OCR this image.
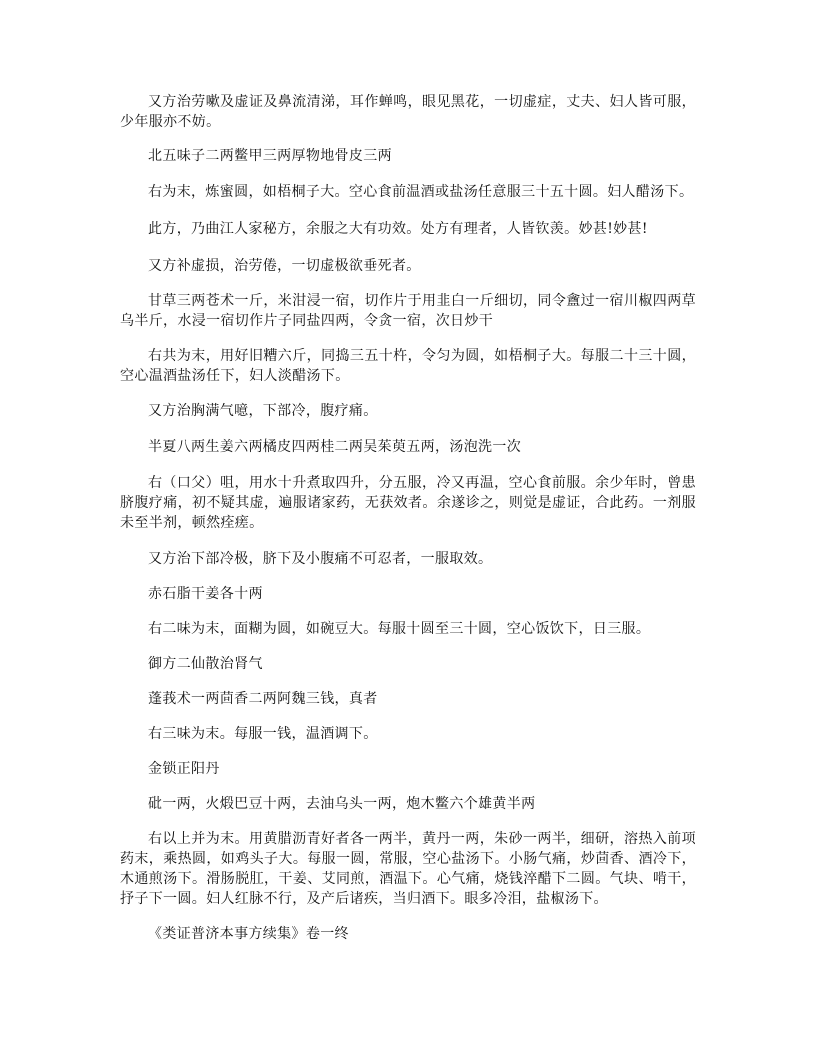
又方治劳嗽及虚证及鼻流清涕，耳作蝉鸣，眼见黑花，一切虚症，丈夫、妇人皆可服，少年服亦不妨。

北五味子二两鳖甲三两厚物地骨皮三两

右为末，炼蜜圆，如梧桐子大。空心食前温酒或盐汤任意服三十五十圆。妇人醋汤下。

此方，乃曲江人家秘方，余服之大有功效。处方有理者，人皆钦羡。妙甚!妙甚!

又方补虚损，治劳倦，一切虚极欲垂死者。

甘草三两苍术一斤，米泔浸一宿，切作片于用韭白一斤细切，同令盦过一宿川椒四两草乌半斤，水浸一宿切作片子同盐四两，令贪一宿，次日炒干

右共为末，用好旧糟六斤，同捣三五十杵，令匀为圆，如梧桐子大。每服二十三十圆，空心温酒盐汤任下，妇人淡醋汤下。

又方治胸满气噫，下部冷，腹疗痛。

半夏八两生姜六两橘皮四两桂二两吴茱萸五两，汤泡洗一次

右（口父）咀，用水十升煮取四升，分五服，冷又再温，空心食前服。余少年时，曾患脐腹疗痛，初不疑其虚，遍服诸家药，无获效者。余遂诊之，则觉是虚证，合此药。一剂服未至半剂，顿然痊瘥。

又方治下部冷极，脐下及小腹痛不可忍者，一服取效。

赤石脂干姜各十两

右二味为末，面糊为圆，如碗豆大。每服十圆至三十圆，空心饭饮下，日三服。

御方二仙散治肾气

蓬莪术一两茴香二两阿魏三钱，真者

右三味为末。每服一钱，温酒调下。

金锁正阳丹

砒一两，火煅巴豆十两，去油乌头一两，炮木鳖六个雄黄半两

右以上并为末。用黄腊沥青好者各一两半，黄丹一两，朱砂一两半，细研，溶热入前项药末，乘热圆，如鸡头子大。每服一圆，常服，空心盐汤下。小肠气痛，炒茴香、酒冷下，木通煎汤下。滑肠脱肛，干姜、艾同煎，酒温下。心气痛，烧钱淬醋下二圆。气块、啃干，抒子下一圆。妇人红脉不行，及产后诸疾，当归酒下。眼多冷泪，盐椒汤下。

《类证普济本事方续集》卷一终
